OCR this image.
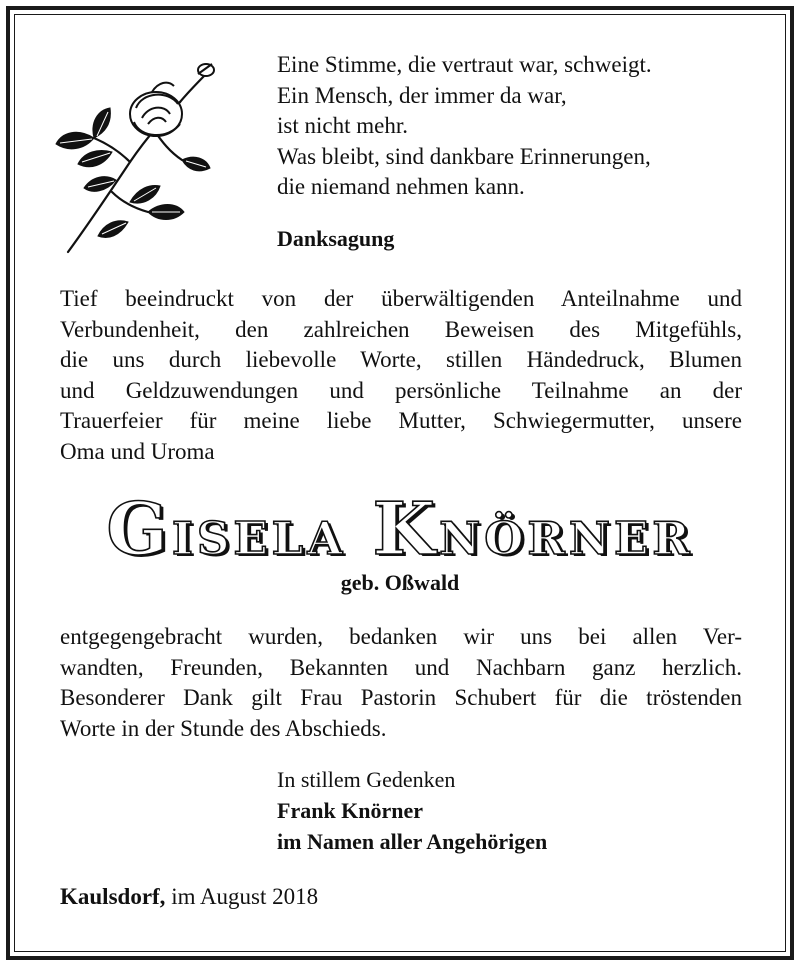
Eine Stimme, die vertraut war, schweigt.
Ein Mensch, der immer da war,
ist nicht mehr.
Was bleibt, sind dankbare Erinnerungen,
die niemand nehmen kann.
Danksagung
Tief beeindruckt von der überwältigenden Anteilnahme und
Verbundenheit, den zahlreichen Beweisen des Mitgefühls,
die uns durch liebevolle Worte, stillen Händedruck, Blumen
und Geldzuwendungen und persönliche Teilnahme an der
Trauerfeier für meine liebe Mutter, Schwiegermutter, unsere
Oma und Uroma
Gisela Knörner
geb. Oßwald
entgegengebracht wurden, bedanken wir uns bei allen Ver-
wandten, Freunden, Bekannten und Nachbarn ganz herzlich.
Besonderer Dank gilt Frau Pastorin Schubert für die tröstenden
Worte in der Stunde des Abschieds.
In stillem Gedenken
Frank Knörner
im Namen aller Angehörigen
Kaulsdorf, im August 2018
